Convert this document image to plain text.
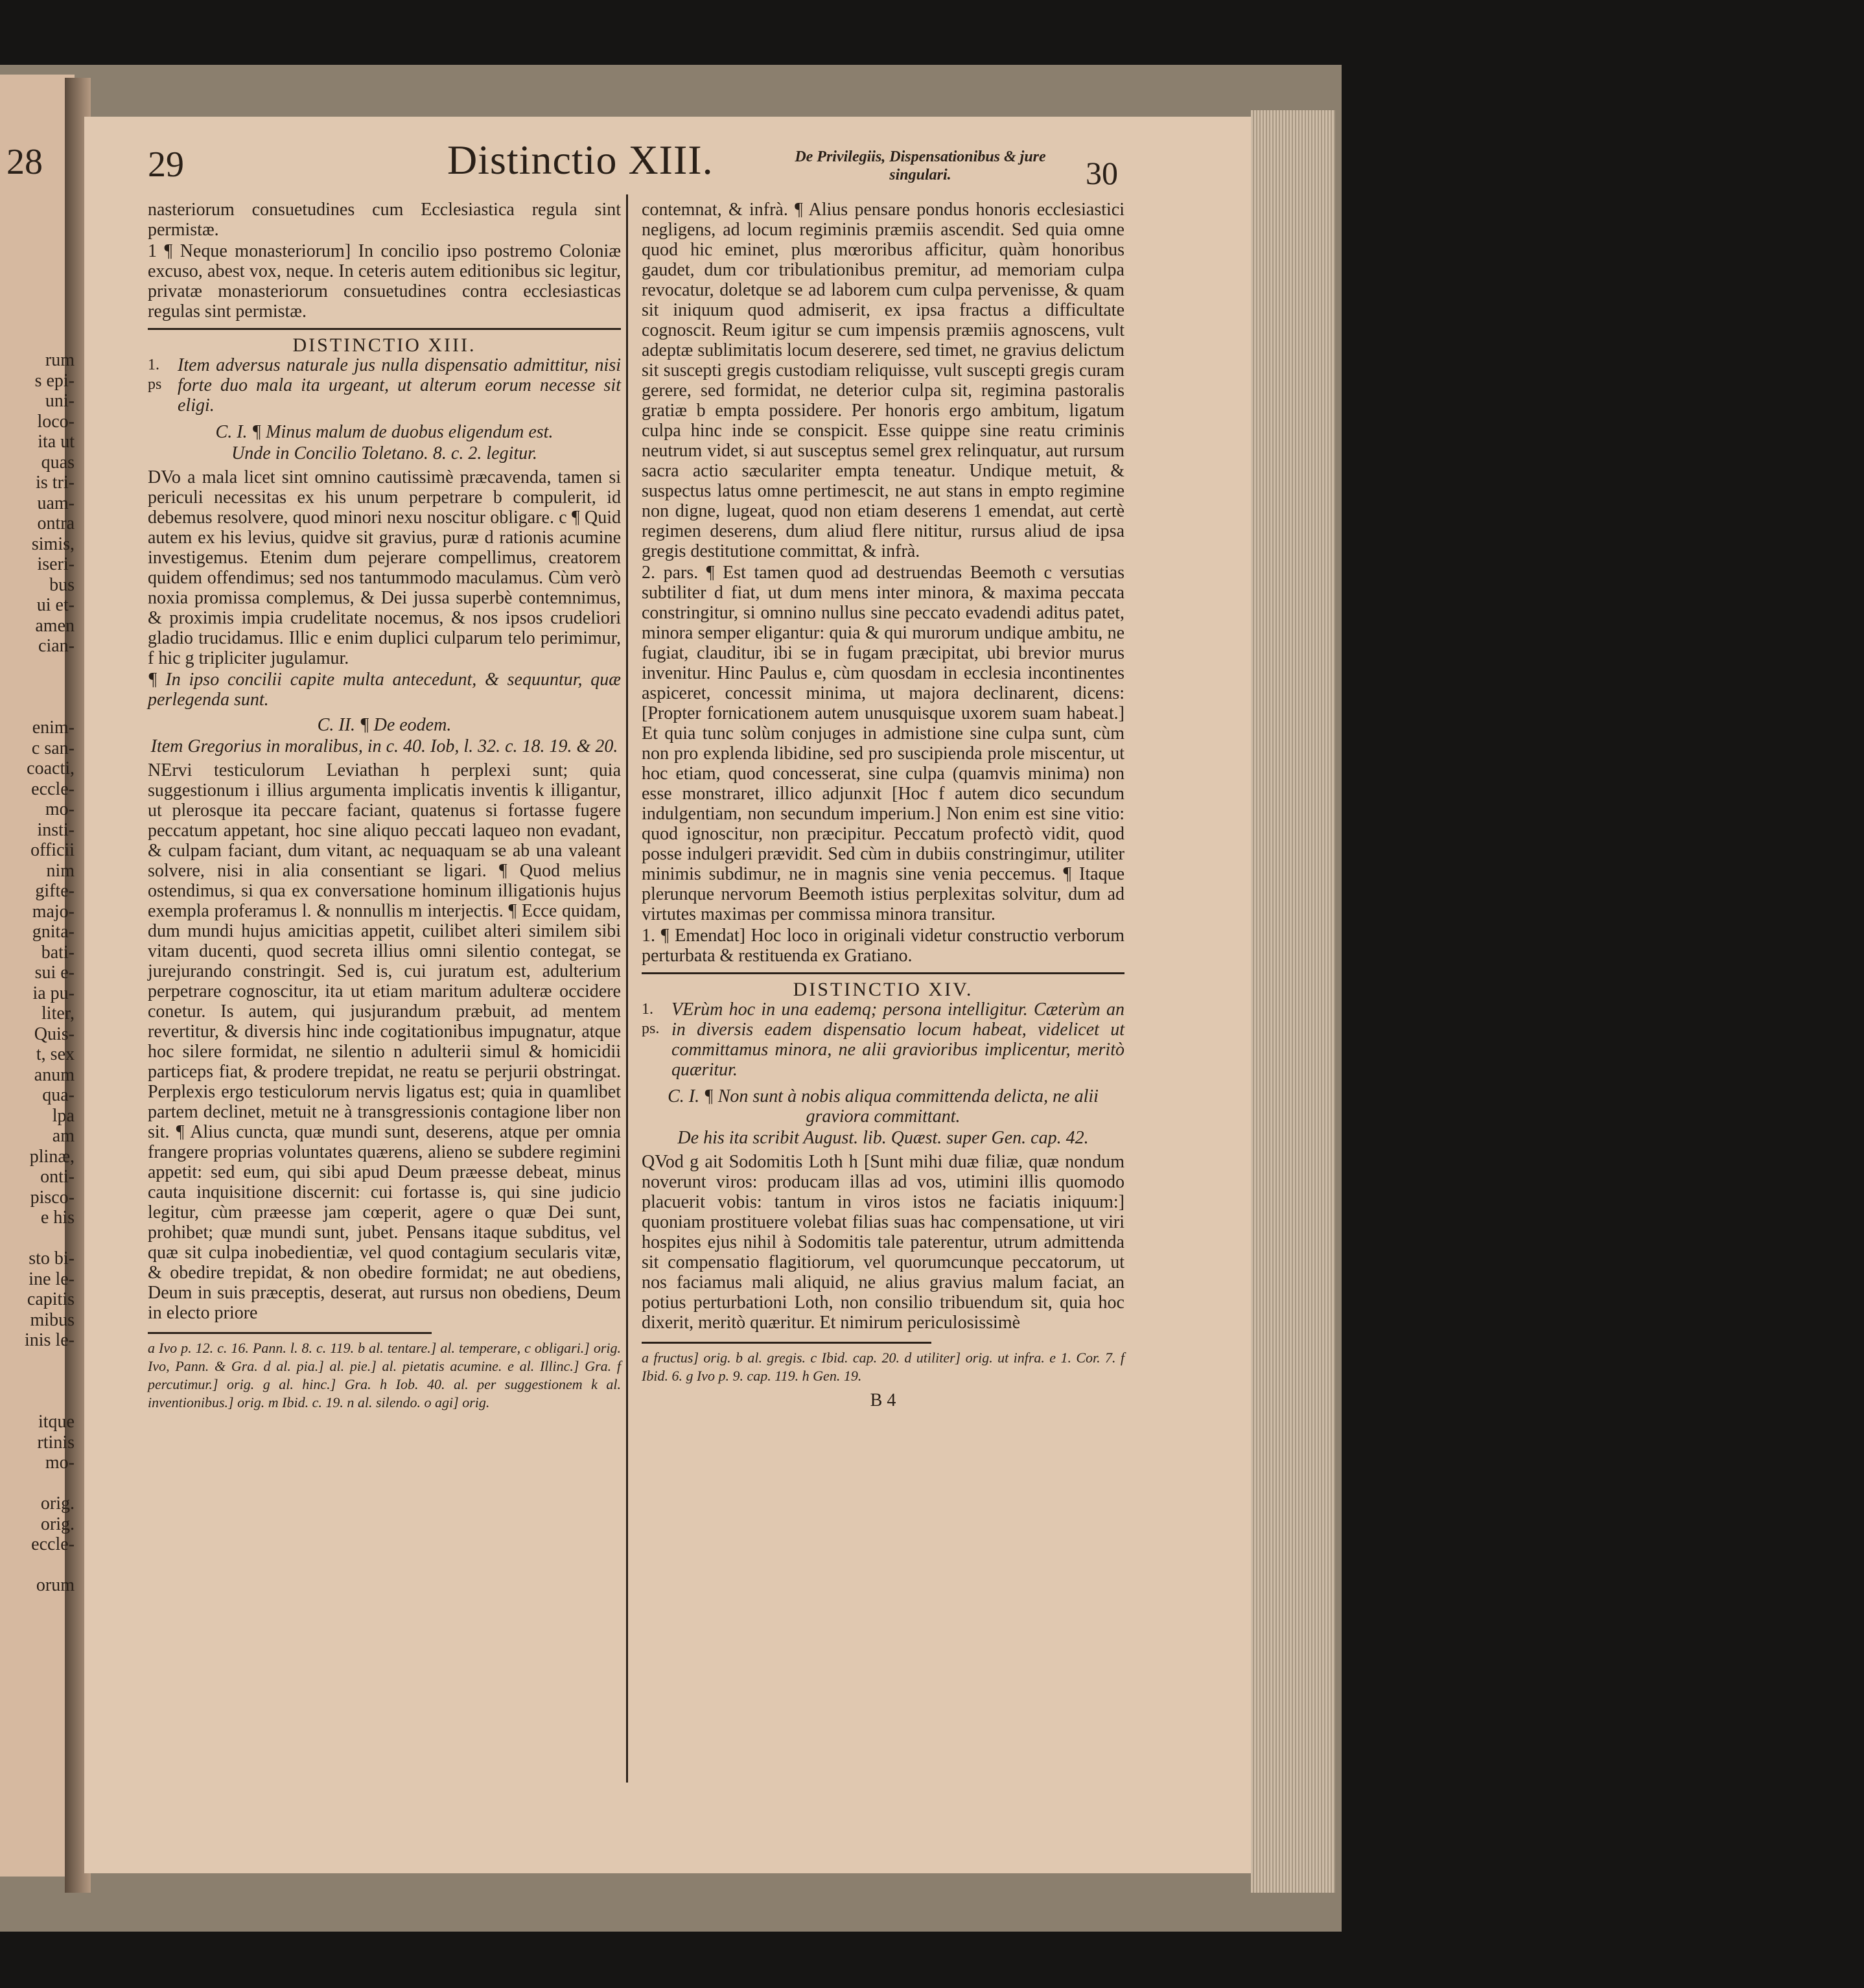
28
rum
s epi-
uni-
loco-
ita ut
quas
is tri-
uam-
ontra
simis,
iseri-
bus
ui et-
amen
cian-

enim-
c san-
coacti,
eccle-
mo-
insti-
officii
nim
gifte-
majo-
gnita-
bati-
sui e-
ia pu-
liter,
Quis-
t, sex
anum
qua-
lpa
am
plinæ,
onti-
pisco-
e his

sto bi-
ine le-
capitis
mibus
inis le-

itque
rtinis
mo-

orig.
orig.
eccle-

orum
29	Distinctio XIII.	De Privilegiis, Dispensationibus & jure singulari.	30

nasteriorum consuetudines cum Ecclesiastica regula sint permistæ.

1 ¶ Neque monasteriorum] In concilio ipso postremo Coloniæ excuso, abest vox, neque. In ceteris autem editionibus sic legitur, privatæ monasteriorum consuetudines contra ecclesiasticas regulas sint permistæ.

DISTINCTIO XIII.
1. ps

Item adversus naturale jus nulla dispensatio admittitur, nisi forte duo mala ita urgeant, ut alterum eorum necesse sit eligi.

C. I. ¶ Minus malum de duobus eligendum est.

Unde in Concilio Toletano. 8. c. 2. legitur.

DVo a mala licet sint omnino cautissimè præcavenda, tamen si periculi necessitas ex his unum perpetrare b compulerit, id debemus resolvere, quod minori nexu noscitur obligare. c ¶ Quid autem ex his levius, quidve sit gravius, puræ d rationis acumine investigemus. Etenim dum pejerare compellimus, creatorem quidem offendimus; sed nos tantummodo maculamus. Cùm verò noxia promissa complemus, & Dei jussa superbè contemnimus, & proximis impia crudelitate nocemus, & nos ipsos crudeliori gladio trucidamus. Illic e enim duplici culparum telo perimimur, f hic g tripliciter jugulamur.

¶ In ipso concilii capite multa antecedunt, & sequuntur, quæ perlegenda sunt.

C. II. ¶ De eodem.

Item Gregorius in moralibus, in c. 40. Iob, l. 32. c. 18. 19. & 20.

NErvi testiculorum Leviathan h perplexi sunt; quia suggestionum i illius argumenta implicatis inventis k illigantur, ut plerosque ita peccare faciant, quatenus si fortasse fugere peccatum appetant, hoc sine aliquo peccati laqueo non evadant, & culpam faciant, dum vitant, ac nequaquam se ab una valeant solvere, nisi in alia consentiant se ligari. ¶ Quod melius ostendimus, si qua ex conversatione hominum illigationis hujus exempla proferamus l. & nonnullis m interjectis. ¶ Ecce quidam, dum mundi hujus amicitias appetit, cuilibet alteri similem sibi vitam ducenti, quod secreta illius omni silentio contegat, se jurejurando constringit. Sed is, cui juratum est, adulterium perpetrare cognoscitur, ita ut etiam maritum adulteræ occidere conetur. Is autem, qui jusjurandum præbuit, ad mentem revertitur, & diversis hinc inde cogitationibus impugnatur, atque hoc silere formidat, ne silentio n adulterii simul & homicidii particeps fiat, & prodere trepidat, ne reatu se perjurii obstringat. Perplexis ergo testiculorum nervis ligatus est; quia in quamlibet partem declinet, metuit ne à transgressionis contagione liber non sit. ¶ Alius cuncta, quæ mundi sunt, deserens, atque per omnia frangere proprias voluntates quærens, alieno se subdere regimini appetit: sed eum, qui sibi apud Deum præesse debeat, minus cauta inquisitione discernit: cui fortasse is, qui sine judicio legitur, cùm præesse jam cœperit, agere o quæ Dei sunt, prohibet; quæ mundi sunt, jubet. Pensans itaque subditus, vel quæ sit culpa inobedientiæ, vel quod contagium secularis vitæ, & obedire trepidat, & non obedire formidat; ne aut obediens, Deum in suis præceptis, deserat, aut rursus non obediens, Deum in electo priore

a Ivo p. 12. c. 16. Pann. l. 8. c. 119. b al. tentare.] al. temperare, c obligari.] orig. Ivo, Pann. & Gra. d al. pia.] al. pie.] al. pietatis acumine. e al. Illinc.] Gra. f percutimur.] orig. g al. hinc.] Gra. h Iob. 40. al. per suggestionem k al. inventionibus.] orig. m Ibid. c. 19. n al. silendo. o agi] orig.

contemnat, & infrà. ¶ Alius pensare pondus honoris ecclesiastici negligens, ad locum regiminis præmiis ascendit. Sed quia omne quod hic eminet, plus mœroribus afficitur, quàm honoribus gaudet, dum cor tribulationibus premitur, ad memoriam culpa revocatur, doletque se ad laborem cum culpa pervenisse, & quam sit iniquum quod admiserit, ex ipsa fractus a difficultate cognoscit. Reum igitur se cum impensis præmiis agnoscens, vult adeptæ sublimitatis locum deserere, sed timet, ne gravius delictum sit suscepti gregis custodiam reliquisse, vult suscepti gregis curam gerere, sed formidat, ne deterior culpa sit, regimina pastoralis gratiæ b empta possidere. Per honoris ergo ambitum, ligatum culpa hinc inde se conspicit. Esse quippe sine reatu criminis neutrum videt, si aut susceptus semel grex relinquatur, aut rursum sacra actio sæculariter empta teneatur. Undique metuit, & suspectus latus omne pertimescit, ne aut stans in empto regimine non digne, lugeat, quod non etiam deserens 1 emendat, aut certè regimen deserens, dum aliud flere nititur, rursus aliud de ipsa gregis destitutione committat, & infrà.

2. pars. ¶ Est tamen quod ad destruendas Beemoth c versutias subtiliter d fiat, ut dum mens inter minora, & maxima peccata constringitur, si omnino nullus sine peccato evadendi aditus patet, minora semper eligantur: quia & qui murorum undique ambitu, ne fugiat, clauditur, ibi se in fugam præcipitat, ubi brevior murus invenitur. Hinc Paulus e, cùm quosdam in ecclesia incontinentes aspiceret, concessit minima, ut majora declinarent, dicens: [Propter fornicationem autem unusquisque uxorem suam habeat.] Et quia tunc solùm conjuges in admistione sine culpa sunt, cùm non pro explenda libidine, sed pro suscipienda prole miscentur, ut hoc etiam, quod concesserat, sine culpa (quamvis minima) non esse monstraret, illico adjunxit [Hoc f autem dico secundum indulgentiam, non secundum imperium.] Non enim est sine vitio: quod ignoscitur, non præcipitur. Peccatum profectò vidit, quod posse indulgeri prævidit. Sed cùm in dubiis constringimur, utiliter minimis subdimur, ne in magnis sine venia peccemus. ¶ Itaque plerunque nervorum Beemoth istius perplexitas solvitur, dum ad virtutes maximas per commissa minora transitur.

1. ¶ Emendat] Hoc loco in originali videtur constructio verborum perturbata & restituenda ex Gratiano.

DISTINCTIO XIV.
1. ps.

VErùm hoc in una eademq; persona intelligitur. Cæterùm an in diversis eadem dispensatio locum habeat, videlicet ut committamus minora, ne alii gravioribus implicentur, meritò quæritur.

C. I. ¶ Non sunt à nobis aliqua committenda delicta, ne alii graviora committant.

De his ita scribit August. lib. Quæst. super Gen. cap. 42.

QVod g ait Sodomitis Loth h [Sunt mihi duæ filiæ, quæ nondum noverunt viros: producam illas ad vos, utimini illis quomodo placuerit vobis: tantum in viros istos ne faciatis iniquum:] quoniam prostituere volebat filias suas hac compensatione, ut viri hospites ejus nihil à Sodomitis tale paterentur, utrum admittenda sit compensatio flagitiorum, vel quorumcunque peccatorum, ut nos faciamus mali aliquid, ne alius gravius malum faciat, an potius perturbationi Loth, non consilio tribuendum sit, quia hoc dixerit, meritò quæritur. Et nimirum periculosissimè

a fructus] orig. b al. gregis. c Ibid. cap. 20. d utiliter] orig. ut infra. e 1. Cor. 7. f Ibid. 6. g Ivo p. 9. cap. 119. h Gen. 19.

B 4
